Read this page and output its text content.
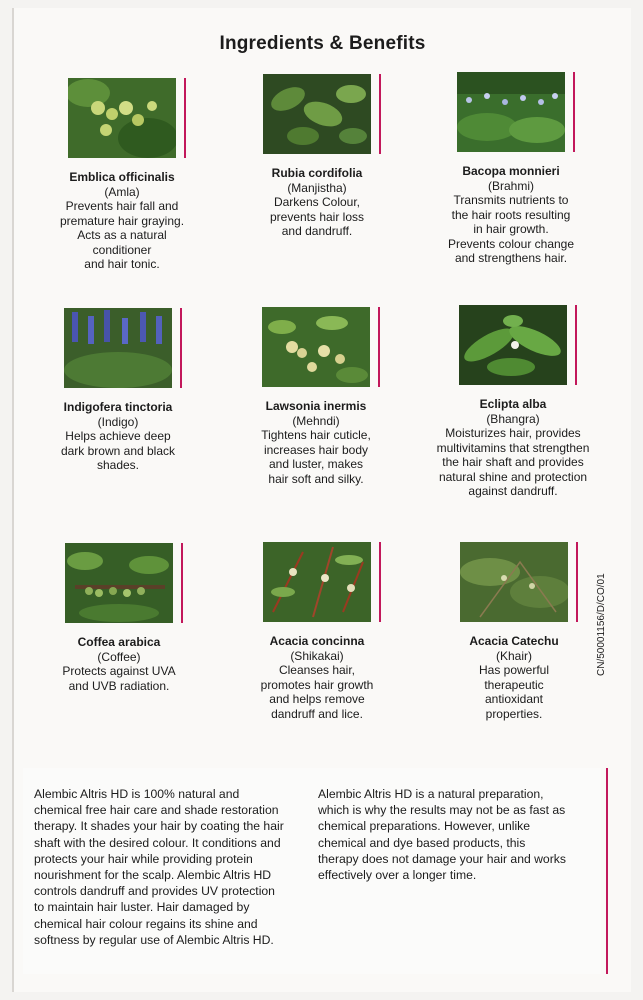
Ingredients & Benefits
Emblica officinalis
(Amla)
Prevents hair fall and
premature hair graying.
Acts as a natural
conditioner
and hair tonic.
Rubia cordifolia
(Manjistha)
Darkens Colour,
prevents hair loss
and dandruff.
Bacopa monnieri
(Brahmi)
Transmits nutrients to
the hair roots resulting
in hair growth.
Prevents colour change
and strengthens hair.
Indigofera tinctoria
(Indigo)
Helps achieve deep
dark brown and black
shades.
Lawsonia inermis
(Mehndi)
Tightens hair cuticle,
increases hair body
and luster, makes
hair soft and silky.
Eclipta alba
(Bhangra)
Moisturizes hair, provides
multivitamins that strengthen
the hair shaft and provides
natural shine and protection
against dandruff.
Coffea arabica
(Coffee)
Protects against UVA
and UVB radiation.
Acacia concinna
(Shikakai)
Cleanses hair,
promotes hair growth
and helps remove
dandruff and lice.
Acacia Catechu
(Khair)
Has powerful
therapeutic
antioxidant
properties.
CN/50001156/D/CO/01
Alembic Altris HD is 100% natural and
chemical free hair care and shade restoration
therapy. It shades your hair by coating the hair
shaft with the desired colour. It conditions and
protects your hair while providing protein
nourishment for the scalp. Alembic Altris HD
controls dandruff and provides UV protection
to maintain hair luster. Hair damaged by
chemical hair colour regains its shine and
softness by regular use of Alembic Altris HD.
Alembic Altris HD is a natural preparation,
which is why the results may not be as fast as
chemical preparations. However, unlike
chemical and dye based products, this
therapy does not damage your hair and works
effectively over a longer time.
